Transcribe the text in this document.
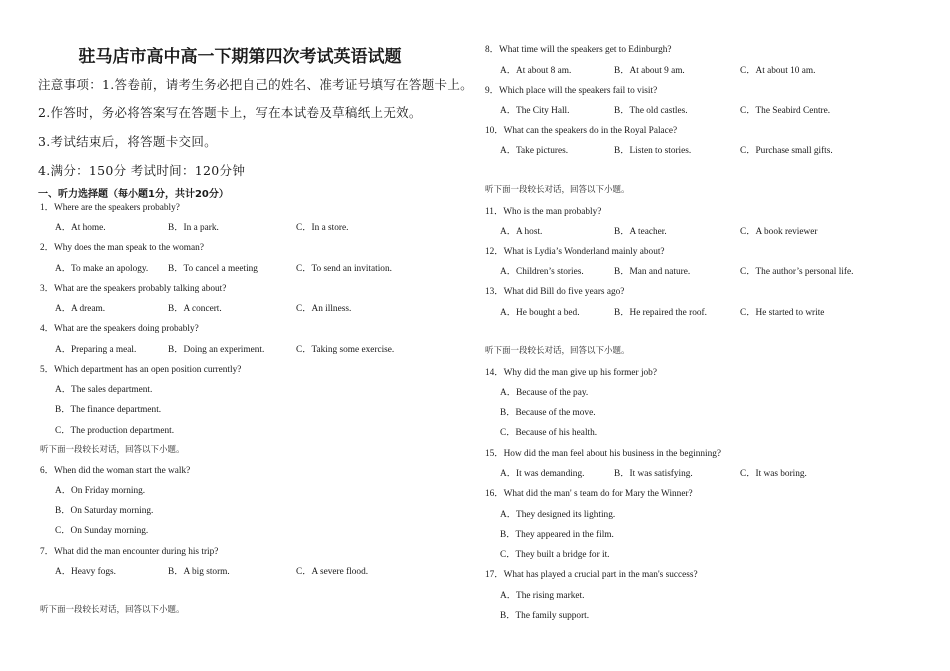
驻马店市高中高一下期第四次考试英语试题
注意事项：1.答卷前，请考生务必把自己的姓名、准考证号填写在答题卡上。
2.作答时，务必将答案写在答题卡上，写在本试卷及草稿纸上无效。
3.考试结束后，将答题卡交回。
4.满分：150分 考试时间：120分钟
一、听力选择题（每小题1分，共计20分）
1．Where are the speakers probably?
A．At home.	B．In a park.	C．In a store.
2．Why does the man speak to the woman?
A．To make an apology. B．To cancel a meeting	C．To send an invitation.
3．What are the speakers probably talking about?
A．A dream.	B．A concert.	C．An illness.
4．What are the speakers doing probably?
A．Preparing a meal.	B．Doing an experiment.	C．Taking some exercise.
5．Which department has an open position currently?
A．The sales department.
B．The finance department.
C．The production department.
听下面一段较长对话，回答以下小题。
6．When did the woman start the walk?
A．On Friday morning.
B．On Saturday morning.
C．On Sunday morning.
7．What did the man encounter during his trip?
A．Heavy fogs.	B．A big storm.	C．A severe flood.
听下面一段较长对话，回答以下小题。
8．What time will the speakers get to Edinburgh?
A．At about 8 am.	B．At about 9 am.	C．At about 10 am.
9．Which place will the speakers fail to visit?
A．The City Hall.	B．The old castles.	C．The Seabird Centre.
10．What can the speakers do in the Royal Palace?
A．Take pictures.	B．Listen to stories.	C．Purchase small gifts.
听下面一段较长对话，回答以下小题。
11．Who is the man probably?
A．A host.	B．A teacher.	C．A book reviewer
12．What is Lydia’s Wonderland mainly about?
A．Children’s stories.	B．Man and nature.	C．The author’s personal life.
13．What did Bill do five years ago?
A．He bought a bed.	B．He repaired the roof.	C．He started to write
听下面一段较长对话，回答以下小题。
14．Why did the man give up his former job?
A．Because of the pay.
B．Because of the move.
C．Because of his health.
15．How did the man feel about his business in the beginning?
A．It was demanding.	B．It was satisfying.	C．It was boring.
16．What did the man' s team do for Mary the Winner?
A．They designed its lighting.
B．They appeared in the film.
C．They built a bridge for it.
17．What has played a crucial part in the man's success?
A．The rising market.
B．The family support.
